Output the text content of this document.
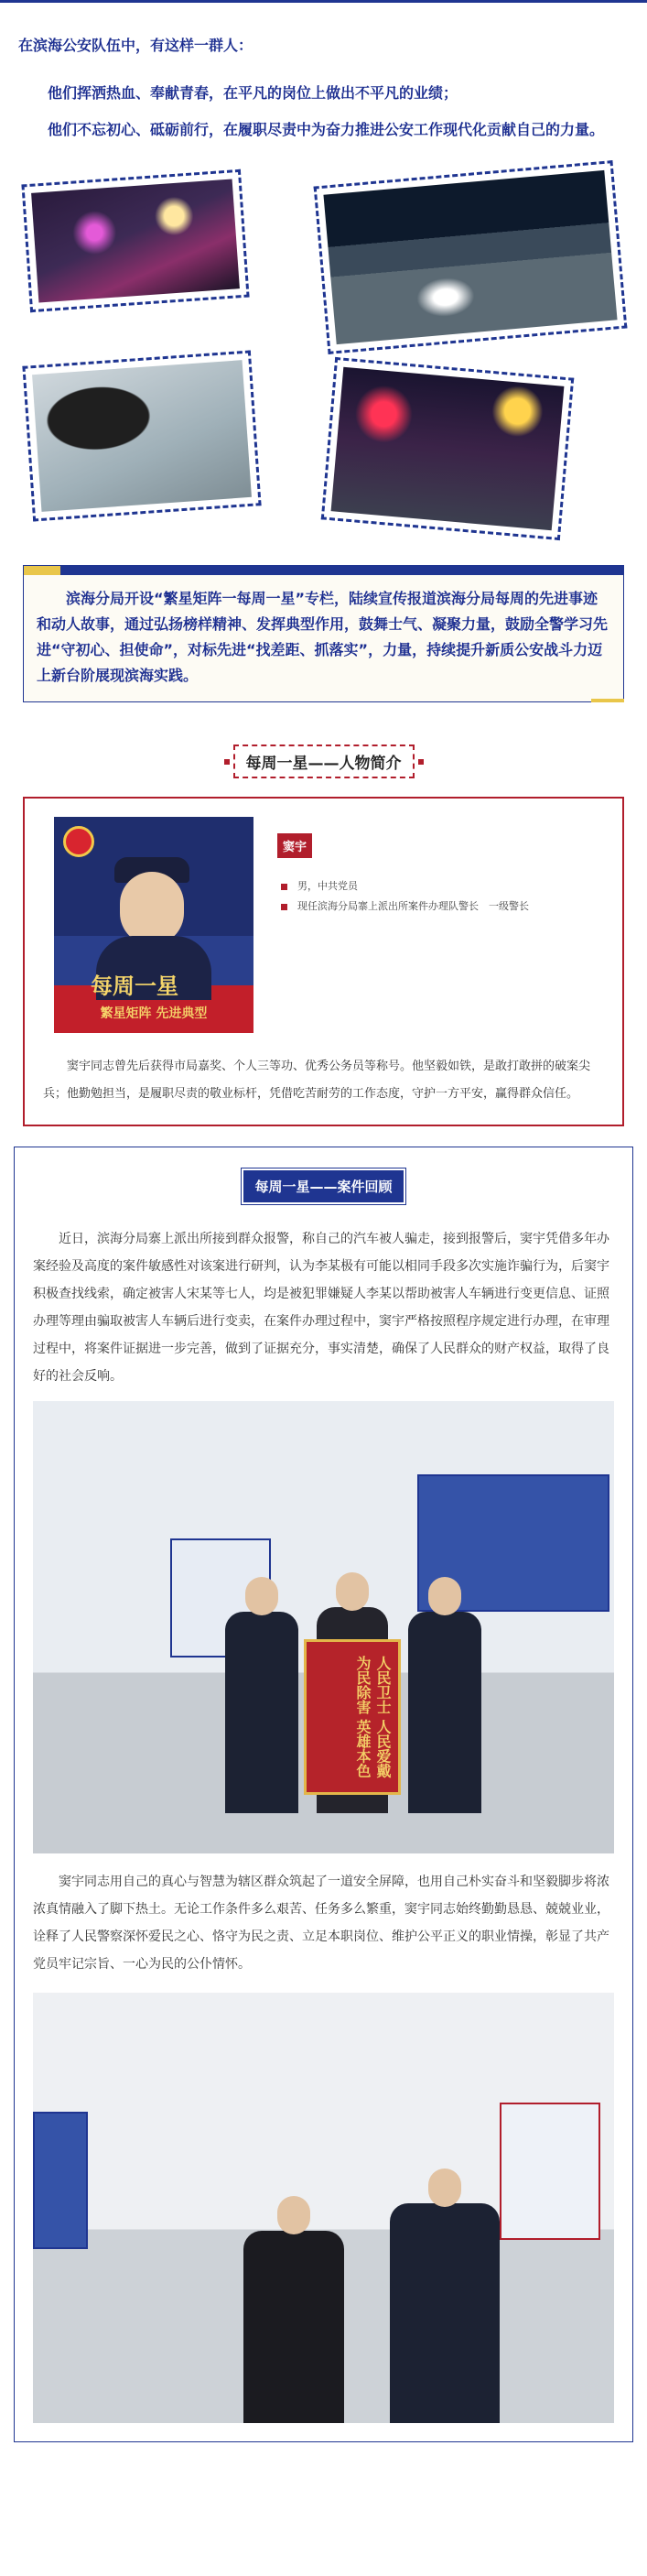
在滨海公安队伍中，有这样一群人：

他们挥洒热血、奉献青春，在平凡的岗位上做出不平凡的业绩；

他们不忘初心、砥砺前行，在履职尽责中为奋力推进公安工作现代化贡献自己的力量。

滨海分局开设“繁星矩阵一每周一星”专栏，陆续宣传报道滨海分局每周的先进事迹和动人故事，通过弘扬榜样精神、发挥典型作用，鼓舞士气、凝聚力量，鼓励全警学习先进“守初心、担使命”，对标先进“找差距、抓落实”，力量，持续提升新质公安战斗力迈上新台阶展现滨海实践。

每周一星——人物简介
每周一星
繁星矩阵 先进典型
窦宇
男，中共党员
现任滨海分局寨上派出所案件办理队警长　一级警长

窦宇同志曾先后获得市局嘉奖、个人三等功、优秀公务员等称号。他坚毅如铁，是敢打敢拼的破案尖兵；他勤勉担当，是履职尽责的敬业标杆，凭借吃苦耐劳的工作态度，守护一方平安，赢得群众信任。

每周一星——案件回顾

近日，滨海分局寨上派出所接到群众报警，称自己的汽车被人骗走，接到报警后，窦宇凭借多年办案经验及高度的案件敏感性对该案进行研判，认为李某极有可能以相同手段多次实施诈骗行为，后窦宇积极查找线索，确定被害人宋某等七人，均是被犯罪嫌疑人李某以帮助被害人车辆进行变更信息、证照办理等理由骗取被害人车辆后进行变卖，在案件办理过程中，窦宇严格按照程序规定进行办理，在审理过程中，将案件证据进一步完善，做到了证据充分，事实清楚，确保了人民群众的财产权益，取得了良好的社会反响。

人民卫士 人民爱戴 为民除害 英雄本色

窦宇同志用自己的真心与智慧为辖区群众筑起了一道安全屏障，也用自己朴实奋斗和坚毅脚步将浓浓真情融入了脚下热土。无论工作条件多么艰苦、任务多么繁重，窦宇同志始终勤勤恳恳、兢兢业业，诠释了人民警察深怀爱民之心、恪守为民之责、立足本职岗位、维护公平正义的职业情操，彰显了共产党员牢记宗旨、一心为民的公仆情怀。
